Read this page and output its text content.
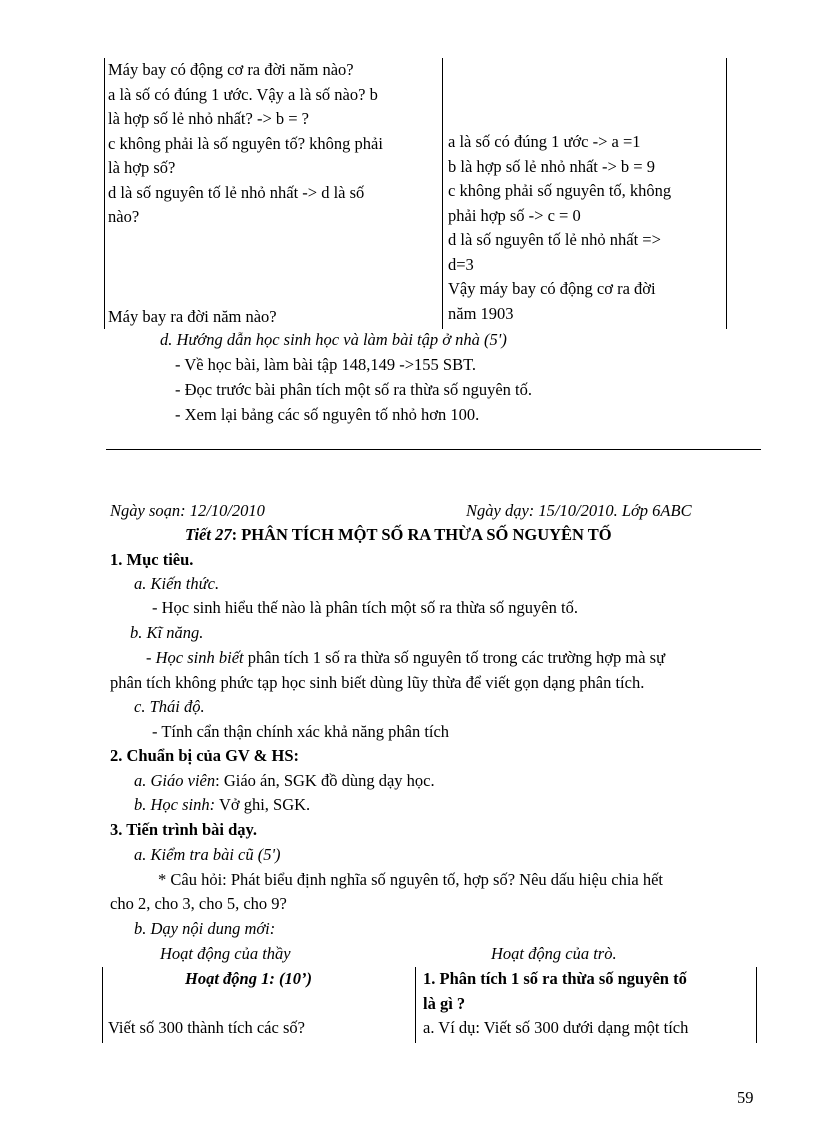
Máy bay có động cơ ra đời năm nào?
a là số có đúng 1 ước. Vậy a là số nào? b
là hợp số lẻ nhỏ nhất? -> b = ?
c không phải là số nguyên tố? không phải
là hợp số?
d là số nguyên tố lẻ nhỏ nhất -> d là số
nào?
Máy bay ra đời năm nào?
a là số có đúng 1 ước -> a =1
b là hợp số lẻ nhỏ nhất -> b = 9
c không phải số nguyên tố, không
phải hợp số -> c = 0
d là số nguyên tố lẻ nhỏ nhất =>
d=3
Vậy máy bay có động cơ ra đời
năm 1903
d. Hướng dẫn học sinh học và làm bài tập ở nhà (5')
- Về học bài, làm bài tập 148,149 ->155 SBT.
- Đọc trước bài phân tích một số ra thừa số nguyên tố.
- Xem lại bảng các số nguyên tố nhỏ hơn 100.
Ngày soạn: 12/10/2010	Ngày dạy: 15/10/2010. Lớp 6ABC
Tiết 27: PHÂN TÍCH MỘT SỐ RA THỪA SỐ NGUYÊN TỐ
1. Mục tiêu.
a. Kiến thức.
- Học sinh hiểu thế nào là phân tích một số ra thừa số nguyên tố.
b. Kĩ năng.
- Học sinh biết phân tích 1 số ra thừa số nguyên tố trong các trường hợp mà sự
phân tích không phức tạp học sinh biết dùng lũy thừa để viết gọn dạng phân tích.
c. Thái độ.
- Tính cẩn thận chính xác khả năng phân tích
2. Chuẩn bị của GV & HS:
a. Giáo viên: Giáo án, SGK đồ dùng dạy học.
b. Học sinh: Vở ghi, SGK.
3. Tiến trình bài dạy.
a. Kiểm tra bài cũ (5')
* Câu hỏi: Phát biểu định nghĩa số nguyên tố, hợp số? Nêu dấu hiệu chia hết
cho 2, cho 3, cho 5, cho 9?
b. Dạy nội dung mới:
Hoạt động của thầy	Hoạt động của trò.
Hoạt động 1: (10’)
Viết số 300 thành tích các số?
1. Phân tích 1 số ra thừa số nguyên tố
là gì ?
a. Ví dụ: Viết số 300 dưới dạng một tích
59
